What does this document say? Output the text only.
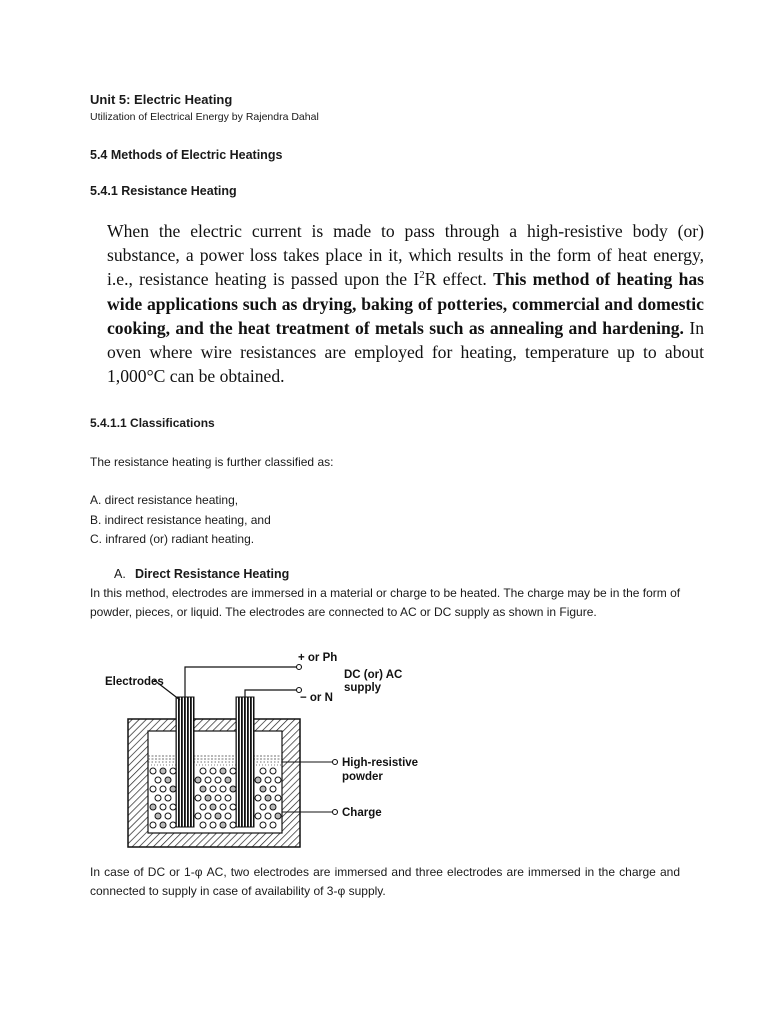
Unit 5: Electric Heating
Utilization of Electrical Energy by Rajendra Dahal
5.4 Methods of Electric Heatings
5.4.1 Resistance Heating
When the electric current is made to pass through a high-resistive body (or) substance, a power loss takes place in it, which results in the form of heat energy, i.e., resistance heating is passed upon the $I^2R$ effect. This method of heating has wide applications such as drying, baking of potteries, commercial and domestic cooking, and the heat treatment of metals such as annealing and hardening. In oven where wire resistances are employed for heating, temperature up to about 1,000°C can be obtained.
5.4.1.1 Classifications
The resistance heating is further classified as:
A. direct resistance heating,
B. indirect resistance heating, and
C. infrared (or) radiant heating.
A. Direct Resistance Heating
In this method, electrodes are immersed in a material or charge to be heated. The charge may be in the form of powder, pieces, or liquid. The electrodes are connected to AC or DC supply as shown in Figure.
Electrodes
+ or Ph
− or N
DC (or) AC
supply
High-resistive
powder
Charge
In case of DC or 1-φ AC, two electrodes are immersed and three electrodes are immersed in the charge and connected to supply in case of availability of 3-φ supply.
